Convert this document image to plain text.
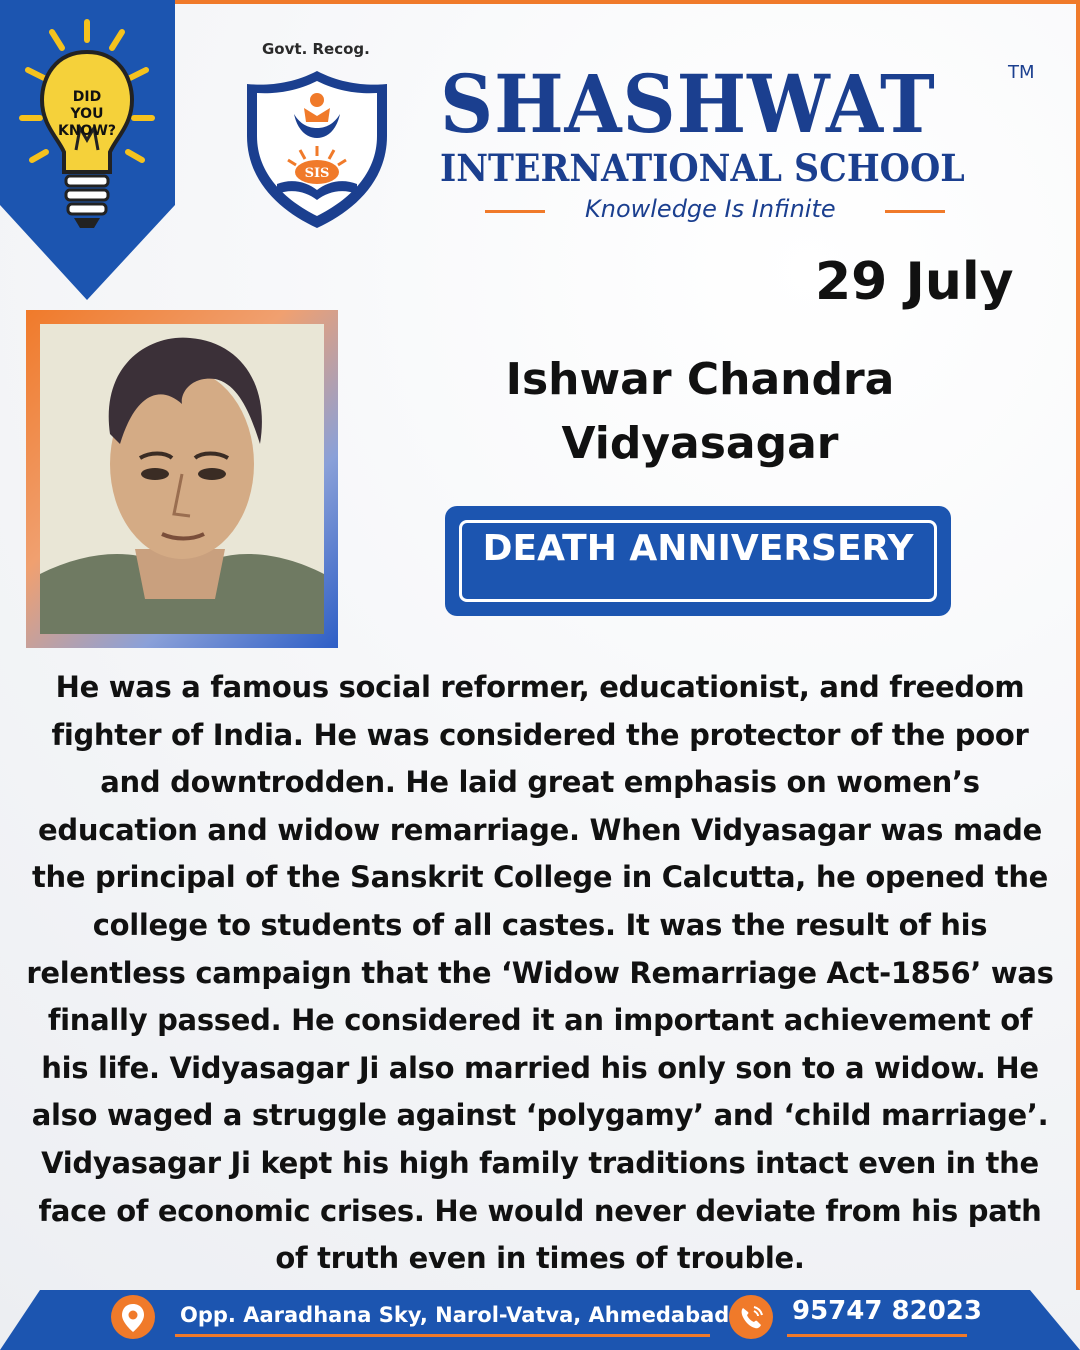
DID
YOU
KNOW?
Govt. Recog.
SIS
SHASHWAT	TM
INTERNATIONAL SCHOOL
Knowledge Is Infinite
29 July
Ishwar Chandra
Vidyasagar
DEATH ANNIVERSERY
He was a famous social reformer, educationist, and freedom
fighter of India. He was considered the protector of the poor
and downtrodden. He laid great emphasis on women’s
education and widow remarriage. When Vidyasagar was made
the principal of the Sanskrit College in Calcutta, he opened the
college to students of all castes. It was the result of his
relentless campaign that the ‘Widow Remarriage Act-1856’ was
finally passed. He considered it an important achievement of
his life. Vidyasagar Ji also married his only son to a widow. He
also waged a struggle against ‘polygamy’ and ‘child marriage’.
Vidyasagar Ji kept his high family traditions intact even in the
face of economic crises. He would never deviate from his path
of truth even in times of trouble.
Opp. Aaradhana Sky, Narol-Vatva, Ahmedabad 95747 82023
